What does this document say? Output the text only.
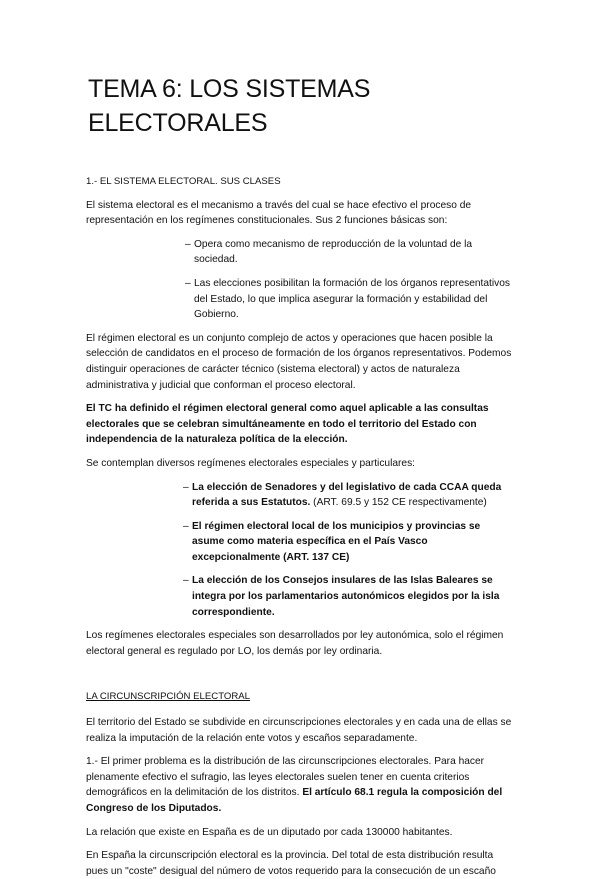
TEMA 6: LOS SISTEMAS ELECTORALES
1.- EL SISTEMA ELECTORAL. SUS CLASES

El sistema electoral es el mecanismo a través del cual se hace efectivo el proceso de representación en los regímenes constitucionales. Sus 2 funciones básicas son:

– Opera como mecanismo de reproducción de la voluntad de la sociedad.
– Las elecciones posibilitan la formación de los órganos representativos del Estado, lo que implica asegurar la formación y estabilidad del Gobierno.

El régimen electoral es un conjunto complejo de actos y operaciones que hacen posible la selección de candidatos en el proceso de formación de los órganos representativos. Podemos distinguir operaciones de carácter técnico (sistema electoral) y actos de naturaleza administrativa y judicial que conforman el proceso electoral.

El TC ha definido el régimen electoral general como aquel aplicable a las consultas electorales que se celebran simultáneamente en todo el territorio del Estado con independencia de la naturaleza política de la elección.

Se contemplan diversos regímenes electorales especiales y particulares:

– La elección de Senadores y del legislativo de cada CCAA queda referida a sus Estatutos. (ART. 69.5 y 152 CE respectivamente)
– El régimen electoral local de los municipios y provincias se asume como materia específica en el País Vasco excepcionalmente (ART. 137 CE)
– La elección de los Consejos insulares de las Islas Baleares se integra por los parlamentarios autonómicos elegidos por la isla correspondiente.

Los regímenes electorales especiales son desarrollados por ley autonómica, solo el régimen electoral general es regulado por LO, los demás por ley ordinaria.

LA CIRCUNSCRIPCIÓN ELECTORAL

El territorio del Estado se subdivide en circunscripciones electorales y en cada una de ellas se realiza la imputación de la relación ente votos y escaños separadamente.

1.- El primer problema es la distribución de las circunscripciones electorales. Para hacer plenamente efectivo el sufragio, las leyes electorales suelen tener en cuenta criterios demográficos en la delimitación de los distritos. El artículo 68.1 regula la composición del Congreso de los Diputados.

La relación que existe en España es de un diputado por cada 130000 habitantes.

En España la circunscripción electoral es la provincia. Del total de esta distribución resulta pues un "coste" desigual del número de votos requerido para la consecución de un escaño
